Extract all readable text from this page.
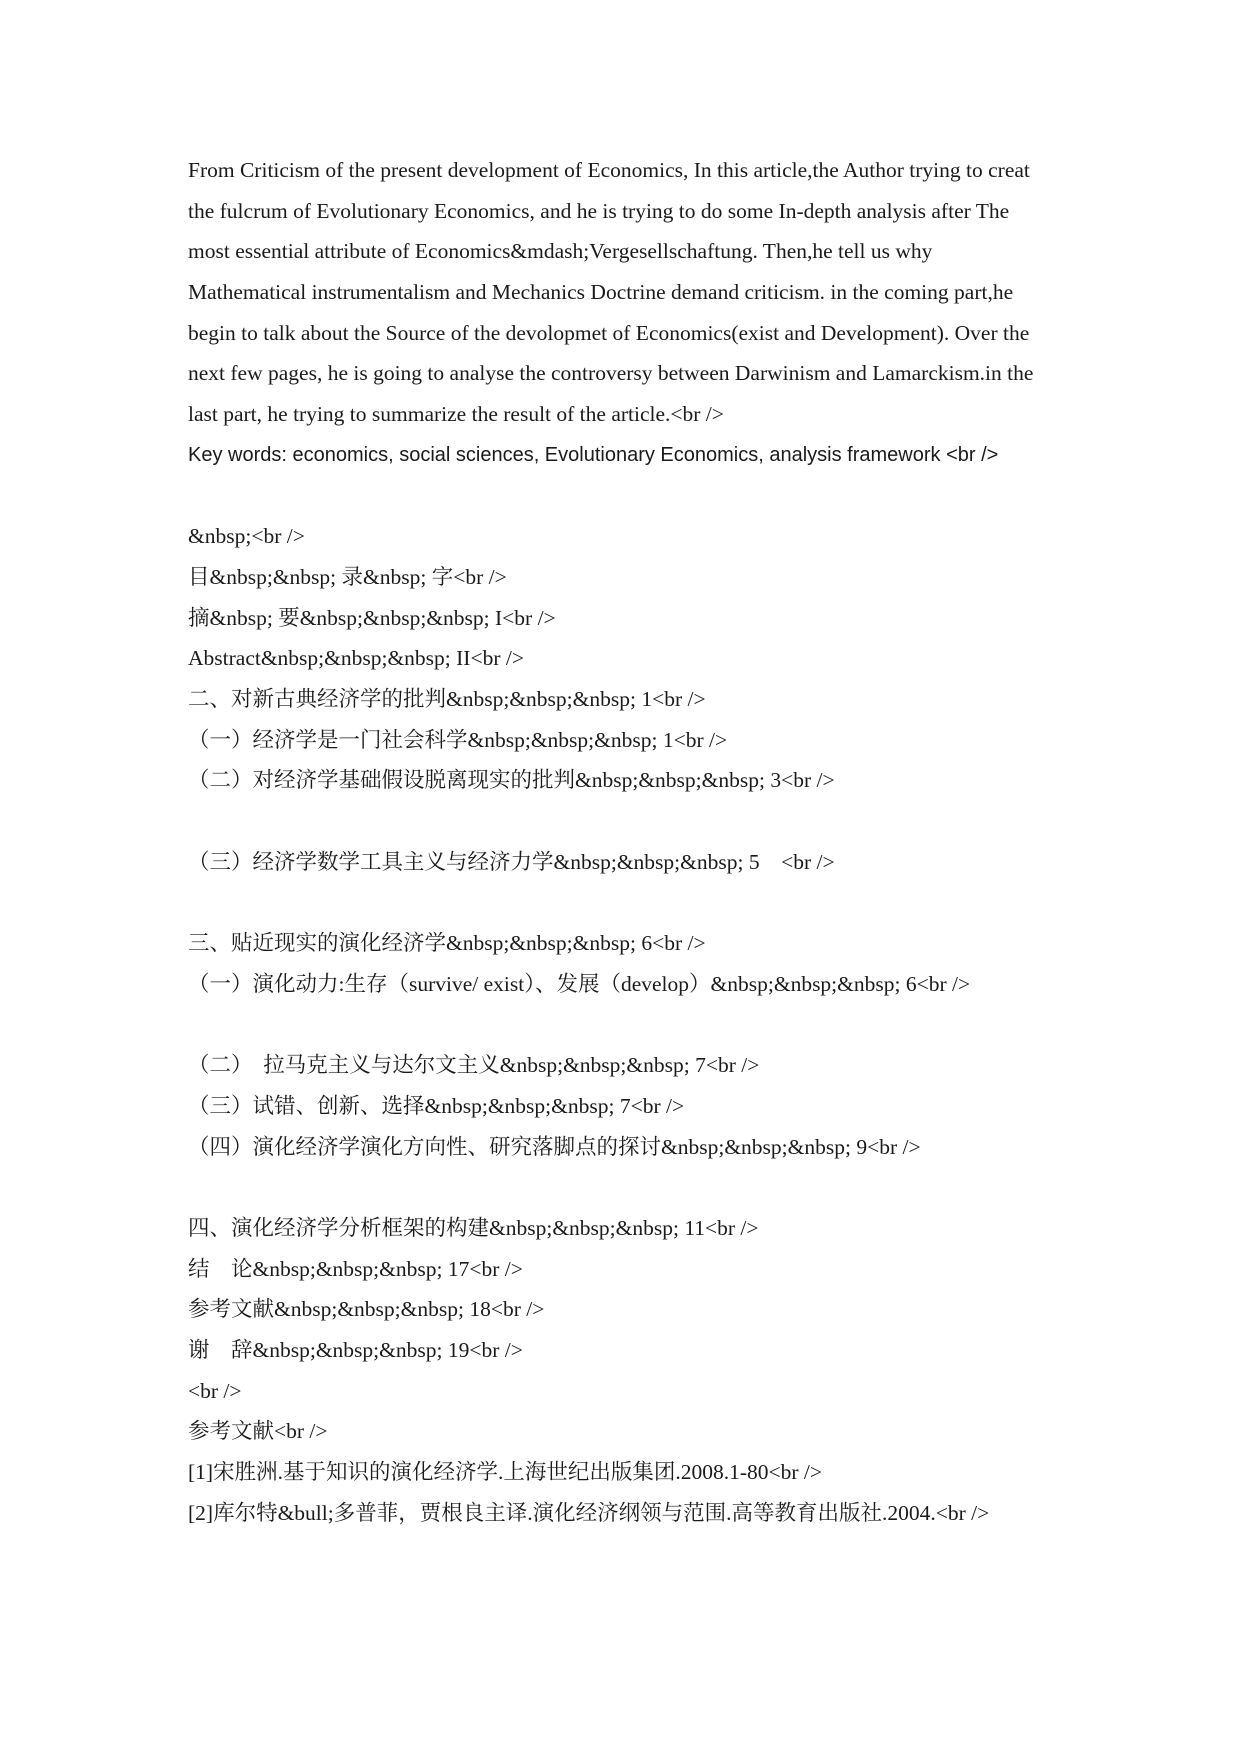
From Criticism of the present development of Economics, In this article,the Author trying to creat
the fulcrum of Evolutionary Economics, and he is trying to do some In-depth analysis after The
most essential attribute of Economics&mdash;Vergesellschaftung. Then,he tell us why
Mathematical instrumentalism and Mechanics Doctrine demand criticism. in the coming part,he
begin to talk about the Source of the devolopmet of Economics(exist and Development). Over the
next few pages, he is going to analyse the controversy between Darwinism and Lamarckism.in the
last part, he trying to summarize the result of the article.<br />
Key words: economics, social sciences, Evolutionary Economics, analysis framework <br />
&nbsp;<br />
目&nbsp;&nbsp; 录&nbsp; 字<br />
摘&nbsp; 要&nbsp;&nbsp;&nbsp; I<br />
Abstract&nbsp;&nbsp;&nbsp; II<br />
二、对新古典经济学的批判&nbsp;&nbsp;&nbsp; 1<br />
（一）经济学是一门社会科学&nbsp;&nbsp;&nbsp; 1<br />
（二）对经济学基础假设脱离现实的批判&nbsp;&nbsp;&nbsp; 3<br />
（三）经济学数学工具主义与经济力学&nbsp;&nbsp;&nbsp; 5　<br />
三、贴近现实的演化经济学&nbsp;&nbsp;&nbsp; 6<br />
（一）演化动力:生存（survive/ exist）、发展（develop）&nbsp;&nbsp;&nbsp; 6<br />
（二）　拉马克主义与达尔文主义&nbsp;&nbsp;&nbsp; 7<br />
（三）试错、创新、选择&nbsp;&nbsp;&nbsp; 7<br />
（四）演化经济学演化方向性、研究落脚点的探讨&nbsp;&nbsp;&nbsp; 9<br />
四、演化经济学分析框架的构建&nbsp;&nbsp;&nbsp; 11<br />
结　论&nbsp;&nbsp;&nbsp; 17<br />
参考文献&nbsp;&nbsp;&nbsp; 18<br />
谢　辞&nbsp;&nbsp;&nbsp; 19<br />
<br />
参考文献<br />
[1]宋胜洲.基于知识的演化经济学.上海世纪出版集团.2008.1-80<br />
[2]库尔特&bull;多普菲，贾根良主译.演化经济纲领与范围.高等教育出版社.2004.<br />
